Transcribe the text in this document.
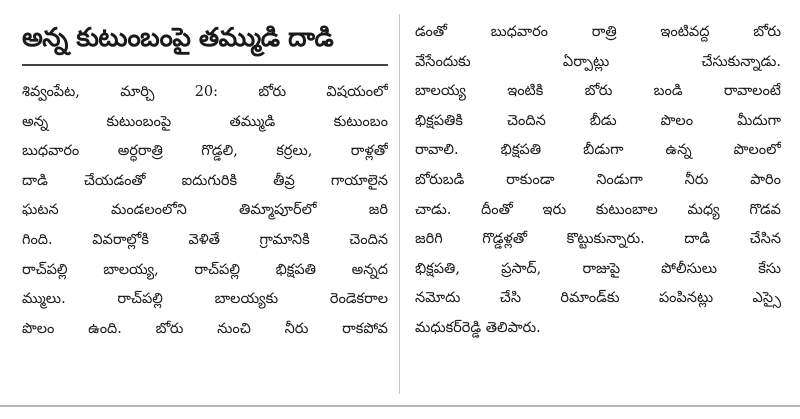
అన్న కుటుంబంపై తమ్ముడి దాడి
శివ్వంపేట, మార్చి 20: బోరు విషయంలో
అన్న కుటుంబంపై తమ్ముడి కుటుంబం
బుధవారం అర్ధరాత్రి గొడ్డలి, కర్రలు, రాళ్లతో
దాడి చేయడంతో ఐదుగురికి తీవ్ర గాయాలైన
ఘటన మండలంలోని తిమ్మాపూర్‌లో జరి
గింది. వివరాల్లోకి వెళితే గ్రామానికి చెందిన
రాచ్‌పల్లి బాలయ్య, రాచ్‌పల్లి భిక్షపతి అన్నద
మ్ములు. రాచ్‌పల్లి బాలయ్యకు రెండెకరాల
పొలం ఉంది. బోరు నుంచి నీరు రాకపోవ
డంతో బుధవారం రాత్రి ఇంటివద్ద బోరు
వేసేందుకు ఏర్పాట్లు చేసుకున్నాడు.
బాలయ్య ఇంటికి బోరు బండి రావాలంటే
భిక్షపతికి చెందిన బీడు పొలం మీదుగా
రావాలి. భిక్షపతి బీడుగా ఉన్న పొలంలో
బోరుబడి రాకుండా నిండుగా నీరు పారిం
చాడు. దీంతో ఇరు కుటుంబాల మధ్య గొడవ
జరిగి గొడ్డళ్లతో కొట్టుకున్నారు. దాడి చేసిన
భిక్షపతి, ప్రసాద్, రాజుపై పోలీసులు కేసు
నమోదు చేసి రిమాండ్‌కు పంపినట్లు ఎస్సై
మధుకర్‌రెడ్డి తెలిపారు.
